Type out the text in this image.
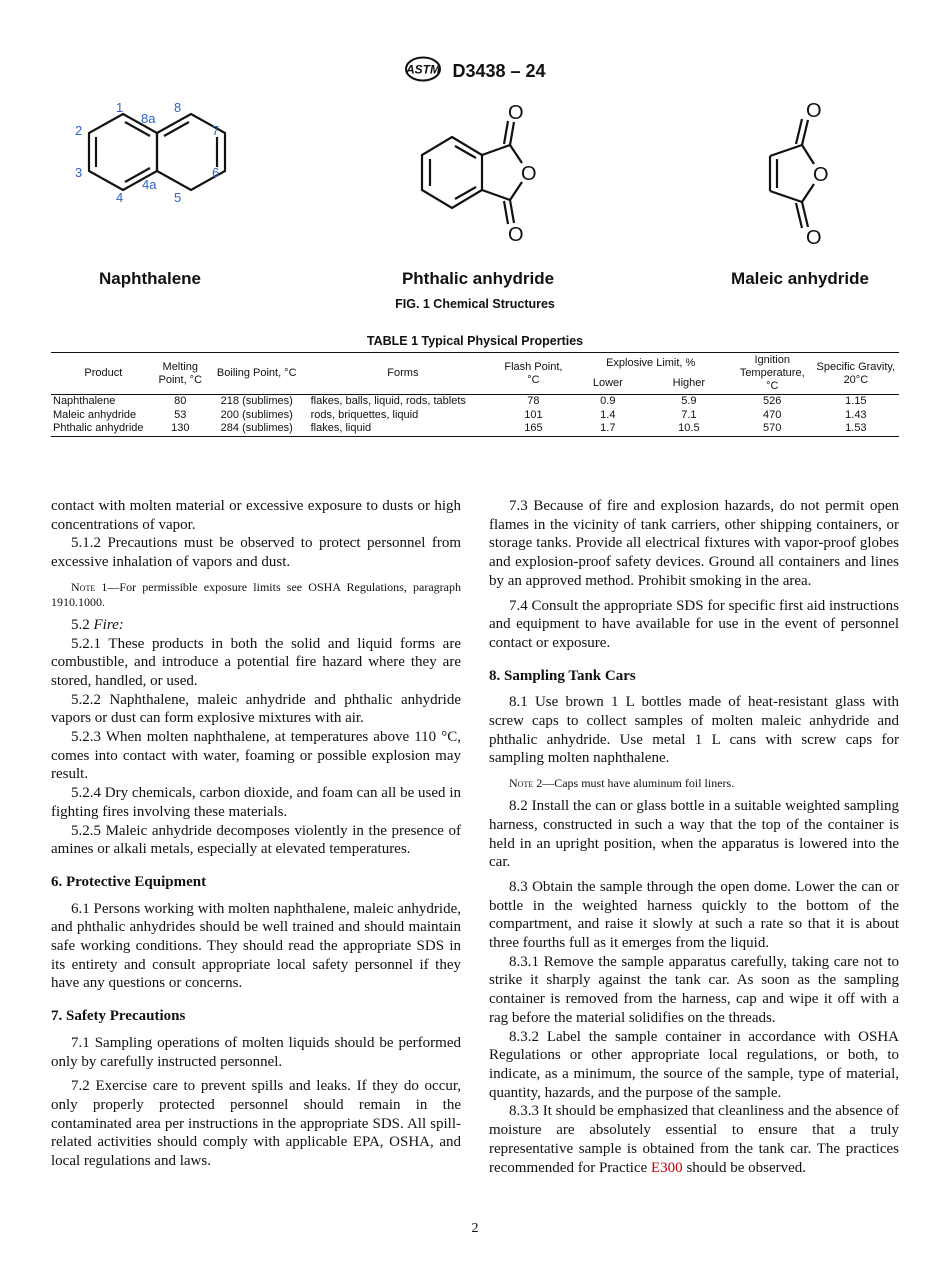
ASTM D3438 – 24
1	8
8a
2	7
3	6
4a
4	5
Naphthalene
O
O
O
Phthalic anhydride
O
O
O
Maleic anhydride
FIG. 1 Chemical Structures
TABLE 1 Typical Physical Properties
Product	Melting Point, °C	Boiling Point, °C	Forms	Flash Point, °C	Explosive Limit, %		Ignition Temperature, °C	Specific Gravity, 20°C
					Lower	Higher		
Naphthalene	80	218 (sublimes)	flakes, balls, liquid, rods, tablets	78	0.9	5.9	526	1.15
Maleic anhydride	53	200 (sublimes)	rods, briquettes, liquid	101	1.4	7.1	470	1.43
Phthalic anhydride	130	284 (sublimes)	flakes, liquid	165	1.7	10.5	570	1.53

contact with molten material or excessive exposure to dusts or high concentrations of vapor.

5.1.2 Precautions must be observed to protect personnel from excessive inhalation of vapors and dust.

Note 1—For permissible exposure limits see OSHA Regulations, paragraph 1910.1000.

5.2 Fire:

5.2.1 These products in both the solid and liquid forms are combustible, and introduce a potential fire hazard where they are stored, handled, or used.

5.2.2 Naphthalene, maleic anhydride and phthalic anhydride vapors or dust can form explosive mixtures with air.

5.2.3 When molten naphthalene, at temperatures above 110 °C, comes into contact with water, foaming or possible explosion may result.

5.2.4 Dry chemicals, carbon dioxide, and foam can all be used in fighting fires involving these materials.

5.2.5 Maleic anhydride decomposes violently in the presence of amines or alkali metals, especially at elevated temperatures.

6. Protective Equipment

6.1 Persons working with molten naphthalene, maleic anhydride, and phthalic anhydrides should be well trained and should maintain safe working conditions. They should read the appropriate SDS in its entirety and consult appropriate local safety personnel if they have any questions or concerns.

7. Safety Precautions

7.1 Sampling operations of molten liquids should be performed only by carefully instructed personnel.

7.2 Exercise care to prevent spills and leaks. If they do occur, only properly protected personnel should remain in the contaminated area per instructions in the appropriate SDS. All spill-related activities should comply with applicable EPA, OSHA, and local regulations and laws.

7.3 Because of fire and explosion hazards, do not permit open flames in the vicinity of tank carriers, other shipping containers, or storage tanks. Provide all electrical fixtures with vapor-proof globes and explosion-proof safety devices. Ground all containers and lines by an approved method. Prohibit smoking in the area.

7.4 Consult the appropriate SDS for specific first aid instructions and equipment to have available for use in the event of personnel contact or exposure.

8. Sampling Tank Cars

8.1 Use brown 1 L bottles made of heat-resistant glass with screw caps to collect samples of molten maleic anhydride and phthalic anhydride. Use metal 1 L cans with screw caps for sampling molten naphthalene.

Note 2—Caps must have aluminum foil liners.

8.2 Install the can or glass bottle in a suitable weighted sampling harness, constructed in such a way that the top of the container is held in an upright position, when the apparatus is lowered into the car.

8.3 Obtain the sample through the open dome. Lower the can or bottle in the weighted harness quickly to the bottom of the compartment, and raise it slowly at such a rate so that it is about three fourths full as it emerges from the liquid.

8.3.1 Remove the sample apparatus carefully, taking care not to strike it sharply against the tank car. As soon as the sampling container is removed from the harness, cap and wipe it off with a rag before the material solidifies on the threads.

8.3.2 Label the sample container in accordance with OSHA Regulations or other appropriate local regulations, or both, to indicate, as a minimum, the source of the sample, type of material, quantity, hazards, and the purpose of the sample.

8.3.3 It should be emphasized that cleanliness and the absence of moisture are absolutely essential to ensure that a truly representative sample is obtained from the tank car. The practices recommended for Practice E300 should be observed.

2
